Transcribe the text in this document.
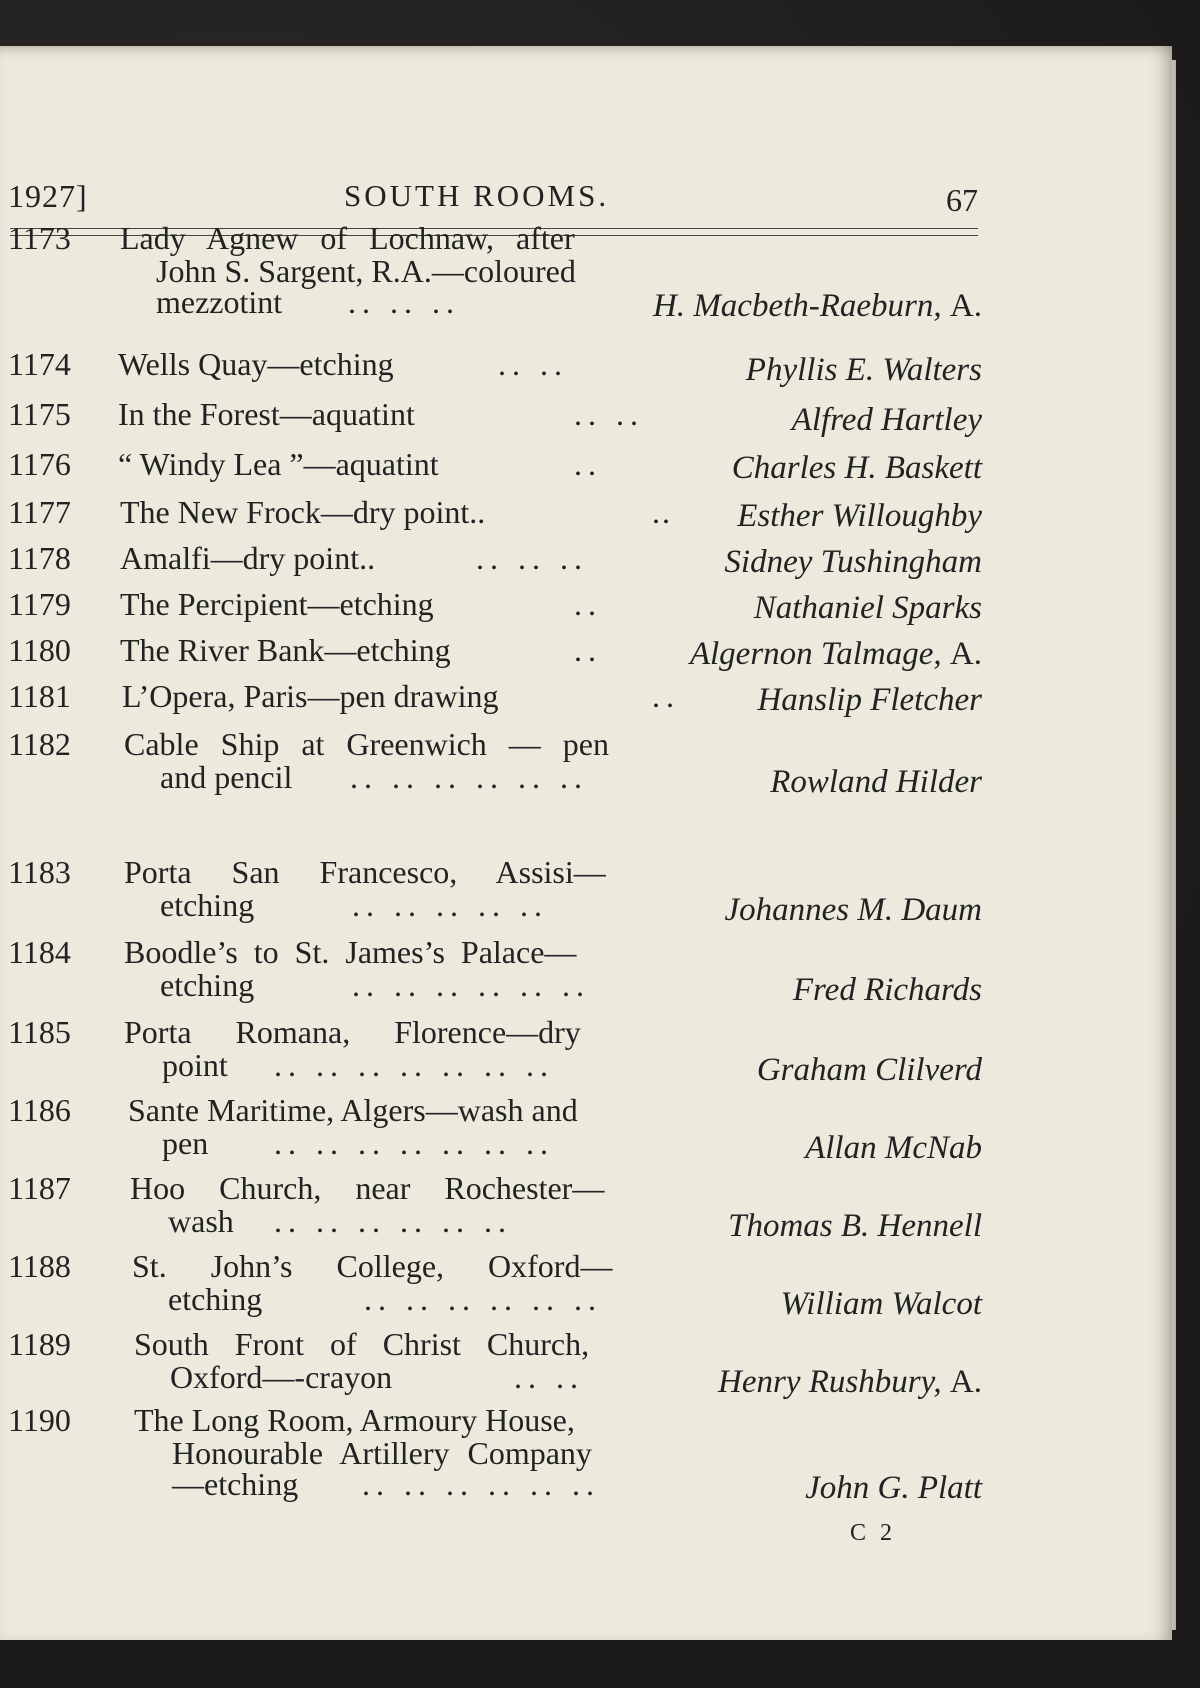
1927]	SOUTH ROOMS.	67
1173 Lady Agnew of Lochnaw, after
John S. Sargent, R.A.—coloured
mezzotint .. .. ..	H. Macbeth-Raeburn, A.
1174 Wells Quay—etching	.. ..	Phyllis E. Walters
1175 In the Forest—aquatint	.. ..	Alfred Hartley
1176 “ Windy Lea ”—aquatint	..	Charles H. Baskett
1177 The New Frock—dry point..	.. Esther Willoughby
1178 Amalfi—dry point..	.. .. ..	Sidney Tushingham
1179 The Percipient—etching	..	Nathaniel Sparks
1180 The River Bank—etching	..	Algernon Talmage, A.
1181 L’Opera, Paris—pen drawing	.. Hanslip Fletcher
1182 Cable Ship at Greenwich — pen
and pencil .. .. .. .. .. ..	Rowland Hilder
1183 Porta San Francesco, Assisi—
etching	.. .. .. .. ..	Johannes M. Daum
1184 Boodle’s to St. James’s Palace—
etching	.. .. .. .. .. ..	Fred Richards
1185 Porta Romana, Florence—dry
point .. .. .. .. .. .. ..	Graham Clilverd
1186 Sante Maritime, Algers—wash and
pen .. .. .. .. .. .. ..	Allan McNab
1187 Hoo Church, near Rochester—
wash .. .. .. .. .. ..	Thomas B. Hennell
1188 St. John’s College, Oxford—
etching	.. .. .. .. .. ..	William Walcot
1189 South Front of Christ Church,
Oxford—-crayon	.. ..	Henry Rushbury, A.
1190 The Long Room, Armoury House,
Honourable Artillery Company
—etching .. .. .. .. .. ..	John G. Platt
C 2
